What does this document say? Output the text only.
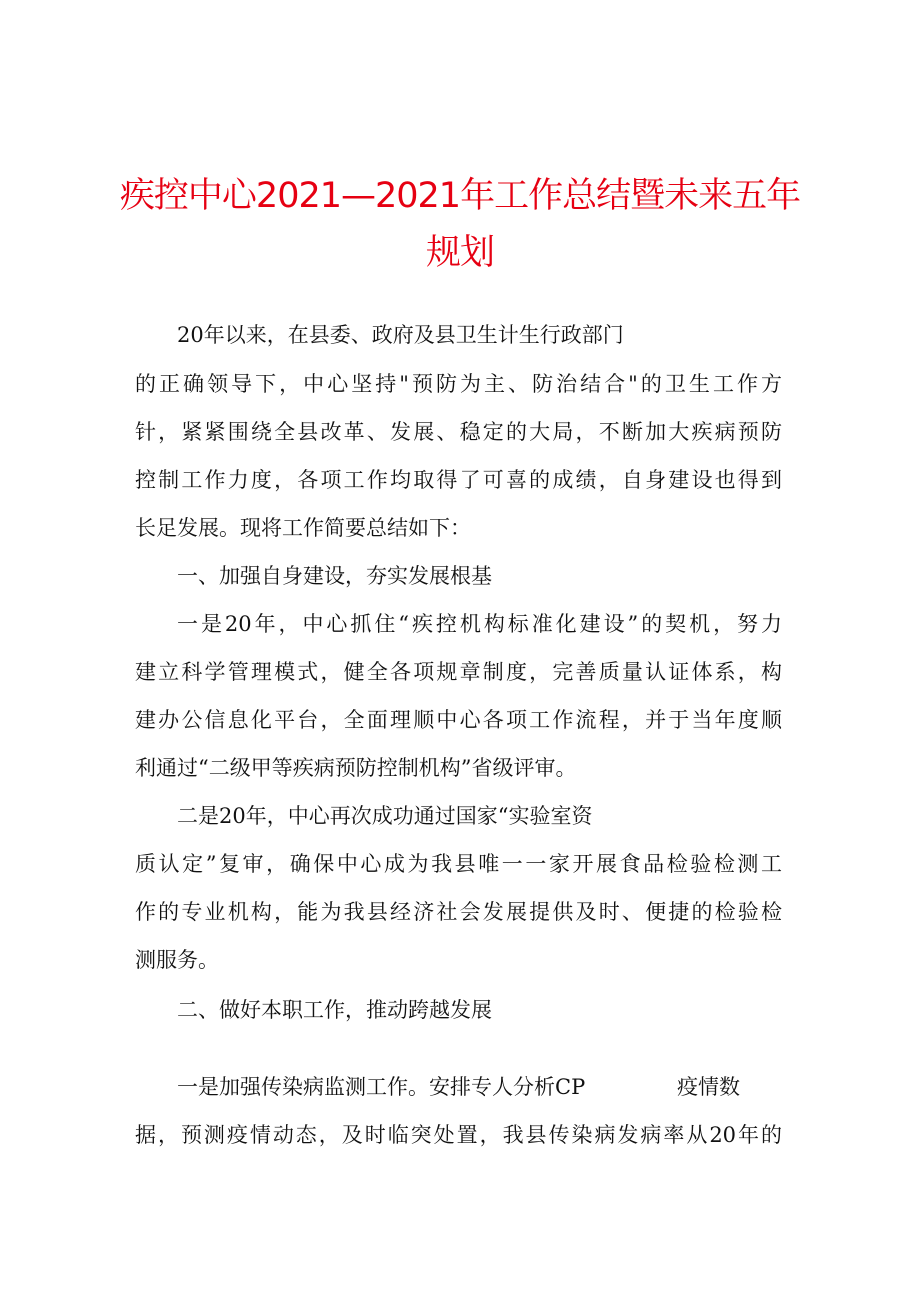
疾控中心2021—2021年工作总结暨未来五年
规划
20年以来，在县委、政府及县卫生计生行政部门
的正确领导下，中心坚持"预防为主、防治结合"的卫生工作方
针，紧紧围绕全县改革、发展、稳定的大局，不断加大疾病预防
控制工作力度，各项工作均取得了可喜的成绩，自身建设也得到
长足发展。现将工作简要总结如下：
一、加强自身建设，夯实发展根基
一是20年，中心抓住“疾控机构标准化建设”的契机，努力
建立科学管理模式，健全各项规章制度，完善质量认证体系，构
建办公信息化平台，全面理顺中心各项工作流程，并于当年度顺
利通过“二级甲等疾病预防控制机构”省级评审。
二是20年，中心再次成功通过国家“实验室资
质认定”复审，确保中心成为我县唯一一家开展食品检验检测工
作的专业机构，能为我县经济社会发展提供及时、便捷的检验检
测服务。
二、做好本职工作，推动跨越发展
一是加强传染病监测工作。安排专人分析CP	疫情数
据，预测疫情动态，及时临突处置，我县传染病发病率从20年的
